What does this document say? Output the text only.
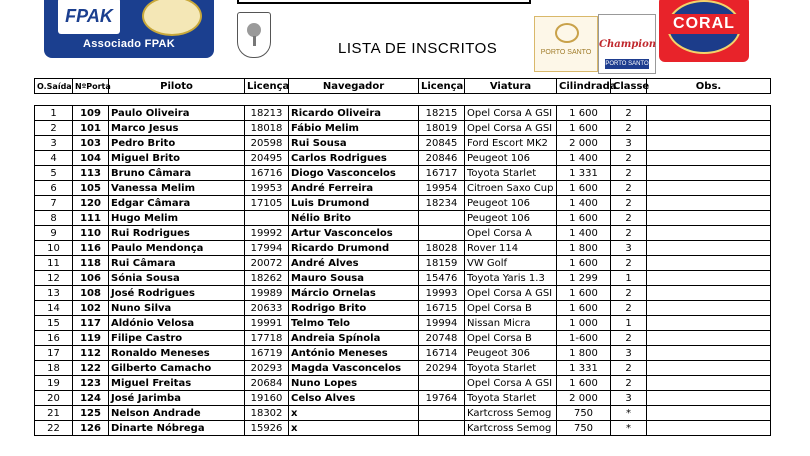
FPAK
Associado FPAK	LISTA DE INSCRITOS	PORTO SANTO
Champion
PORTO SANTO
CORAL
O.Saída	NºPorta	Piloto	Licença	Navegador	Licença	Viatura	Cilindrada	Classe	Obs.

1	109	Paulo Oliveira	18213	Ricardo Oliveira	18215	Opel Corsa A GSI	1 600	2	
2	101	Marco Jesus	18018	Fábio Melim	18019	Opel Corsa A GSI	1 600	2	
3	103	Pedro Brito	20598	Rui Sousa	20845	Ford Escort MK2	2 000	3	
4	104	Miguel Brito	20495	Carlos Rodrigues	20846	Peugeot 106	1 400	2	
5	113	Bruno Câmara	16716	Diogo Vasconcelos	16717	Toyota Starlet	1 331	2	
6	105	Vanessa Melim	19953	André Ferreira	19954	Citroen Saxo Cup	1 600	2	
7	120	Edgar Câmara	17105	Luis Drumond	18234	Peugeot 106	1 400	2	
8	111	Hugo Melim		Nélio Brito		Peugeot 106	1 600	2	
9	110	Rui Rodrigues	19992	Artur Vasconcelos		Opel Corsa A	1 400	2	
10	116	Paulo Mendonça	17994	Ricardo Drumond	18028	Rover 114	1 800	3	
11	118	Rui Câmara	20072	André Alves	18159	VW Golf	1 600	2	
12	106	Sónia Sousa	18262	Mauro Sousa	15476	Toyota Yaris 1.3	1 299	1	
13	108	José Rodrigues	19989	Márcio Ornelas	19993	Opel Corsa A GSI	1 600	2	
14	102	Nuno Silva	20633	Rodrigo Brito	16715	Opel Corsa B	1 600	2	
15	117	Aldónio Velosa	19991	Telmo Telo	19994	Nissan Micra	1 000	1	
16	119	Filipe Castro	17718	Andreia Spínola	20748	Opel Corsa B	1-600	2	
17	112	Ronaldo Meneses	16719	António Meneses	16714	Peugeot 306	1 800	3	
18	122	Gilberto Camacho	20293	Magda Vasconcelos	20294	Toyota Starlet	1 331	2	
19	123	Miguel Freitas	20684	Nuno Lopes		Opel Corsa A GSI	1 600	2	
20	124	José Jarimba	19160	Celso Alves	19764	Toyota Starlet	2 000	3	
21	125	Nelson Andrade	18302	x		Kartcross Semog	750	*	
22	126	Dinarte Nóbrega	15926	x		Kartcross Semog	750	*	
